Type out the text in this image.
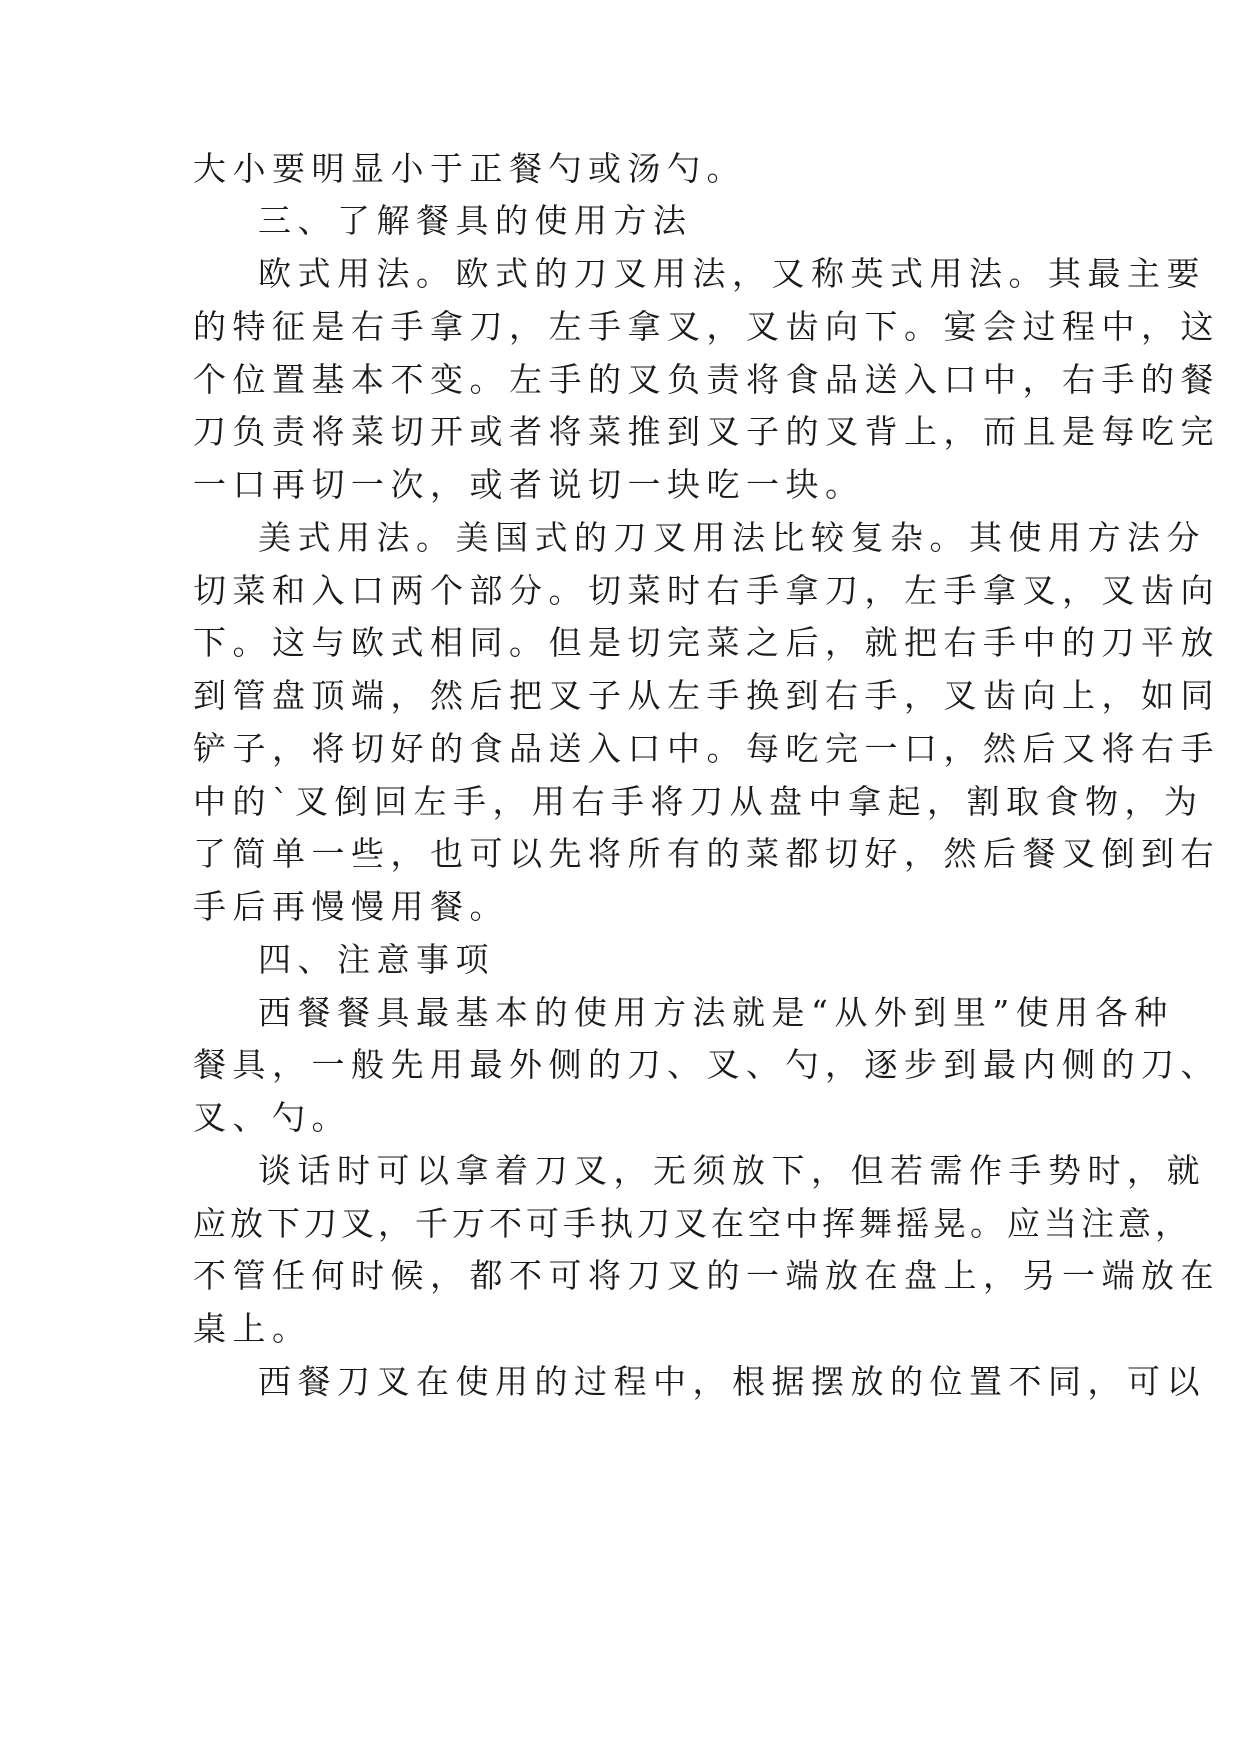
大小要明显小于正餐勺或汤勺。
三、了解餐具的使用方法
欧式用法。欧式的刀叉用法，又称英式用法。其最主要
的特征是右手拿刀，左手拿叉，叉齿向下。宴会过程中，这
个位置基本不变。左手的叉负责将食品送入口中，右手的餐
刀负责将菜切开或者将菜推到叉子的叉背上，而且是每吃完
一口再切一次，或者说切一块吃一块。
美式用法。美国式的刀叉用法比较复杂。其使用方法分
切菜和入口两个部分。切菜时右手拿刀，左手拿叉，叉齿向
下。这与欧式相同。但是切完菜之后，就把右手中的刀平放
到管盘顶端，然后把叉子从左手换到右手，叉齿向上，如同
铲子，将切好的食品送入口中。每吃完一口，然后又将右手
中的`叉倒回左手，用右手将刀从盘中拿起，割取食物，为
了简单一些，也可以先将所有的菜都切好，然后餐叉倒到右
手后再慢慢用餐。
四、注意事项
西餐餐具最基本的使用方法就是“从外到里”使用各种
餐具，一般先用最外侧的刀、叉、勺，逐步到最内侧的刀、
叉、勺。
谈话时可以拿着刀叉，无须放下，但若需作手势时，就
应放下刀叉，千万不可手执刀叉在空中挥舞摇晃。应当注意，
不管任何时候，都不可将刀叉的一端放在盘上，另一端放在
桌上。
西餐刀叉在使用的过程中，根据摆放的位置不同，可以
